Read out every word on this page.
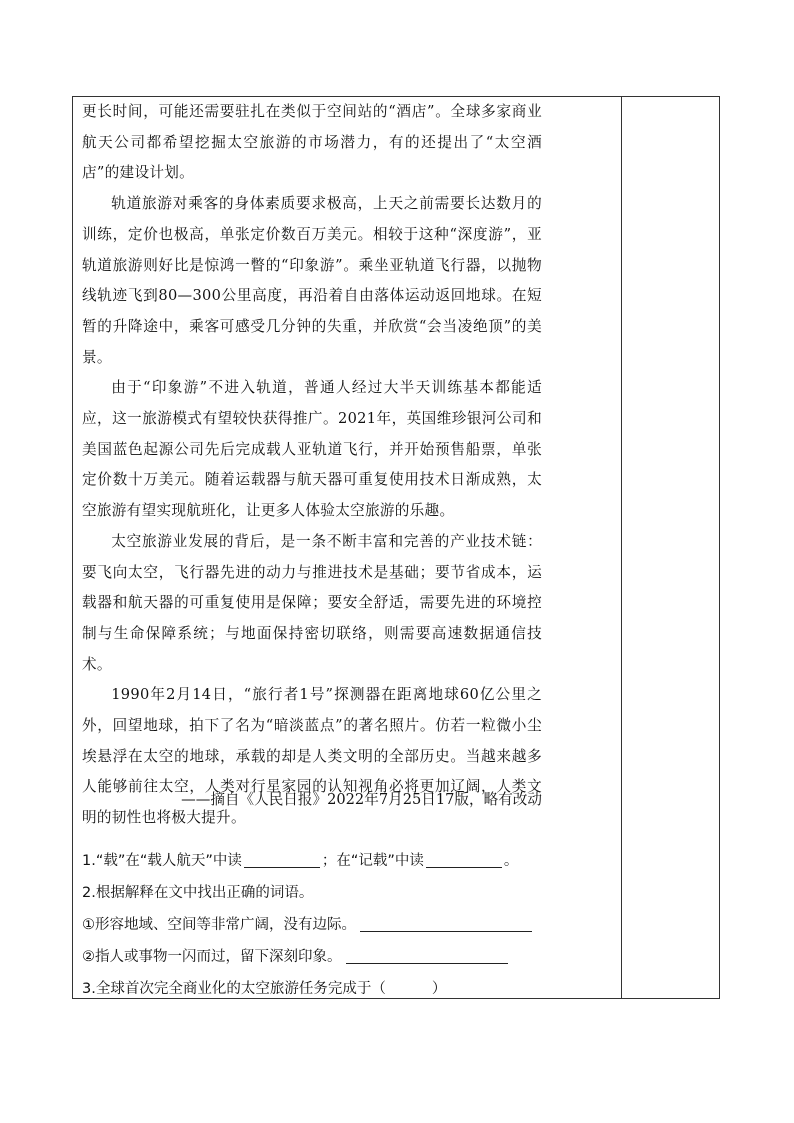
更长时间，可能还需要驻扎在类似于空间站的“酒店”。全球多家商业航天公司都希望挖掘太空旅游的市场潜力，有的还提出了“太空酒店”的建设计划。

轨道旅游对乘客的身体素质要求极高，上天之前需要长达数月的训练，定价也极高，单张定价数百万美元。相较于这种“深度游”，亚轨道旅游则好比是惊鸿一瞥的“印象游”。乘坐亚轨道飞行器，以抛物线轨迹飞到80—300公里高度，再沿着自由落体运动返回地球。在短暂的升降途中，乘客可感受几分钟的失重，并欣赏“会当凌绝顶”的美景。

由于“印象游”不进入轨道，普通人经过大半天训练基本都能适应，这一旅游模式有望较快获得推广。2021年，英国维珍银河公司和美国蓝色起源公司先后完成载人亚轨道飞行，并开始预售船票，单张定价数十万美元。随着运载器与航天器可重复使用技术日渐成熟，太空旅游有望实现航班化，让更多人体验太空旅游的乐趣。

太空旅游业发展的背后，是一条不断丰富和完善的产业技术链：要飞向太空，飞行器先进的动力与推进技术是基础；要节省成本，运载器和航天器的可重复使用是保障；要安全舒适，需要先进的环境控制与生命保障系统；与地面保持密切联络，则需要高速数据通信技术。

1990年2月14日，“旅行者1号”探测器在距离地球60亿公里之外，回望地球，拍下了名为“暗淡蓝点”的著名照片。仿若一粒微小尘埃悬浮在太空的地球，承载的却是人类文明的全部历史。当越来越多人能够前往太空，人类对行星家园的认知视角必将更加辽阔，人类文明的韧性也将极大提升。

——摘自《人民日报》2022年7月25日17版，略有改动
1.“载”在“载人航天”中读	；在“记载”中读	。
2.根据解释在文中找出正确的词语。
①形容地域、空间等非常广阔，没有边际。
②指人或事物一闪而过，留下深刻印象。
3.全球首次完全商业化的太空旅游任务完成于（	）
